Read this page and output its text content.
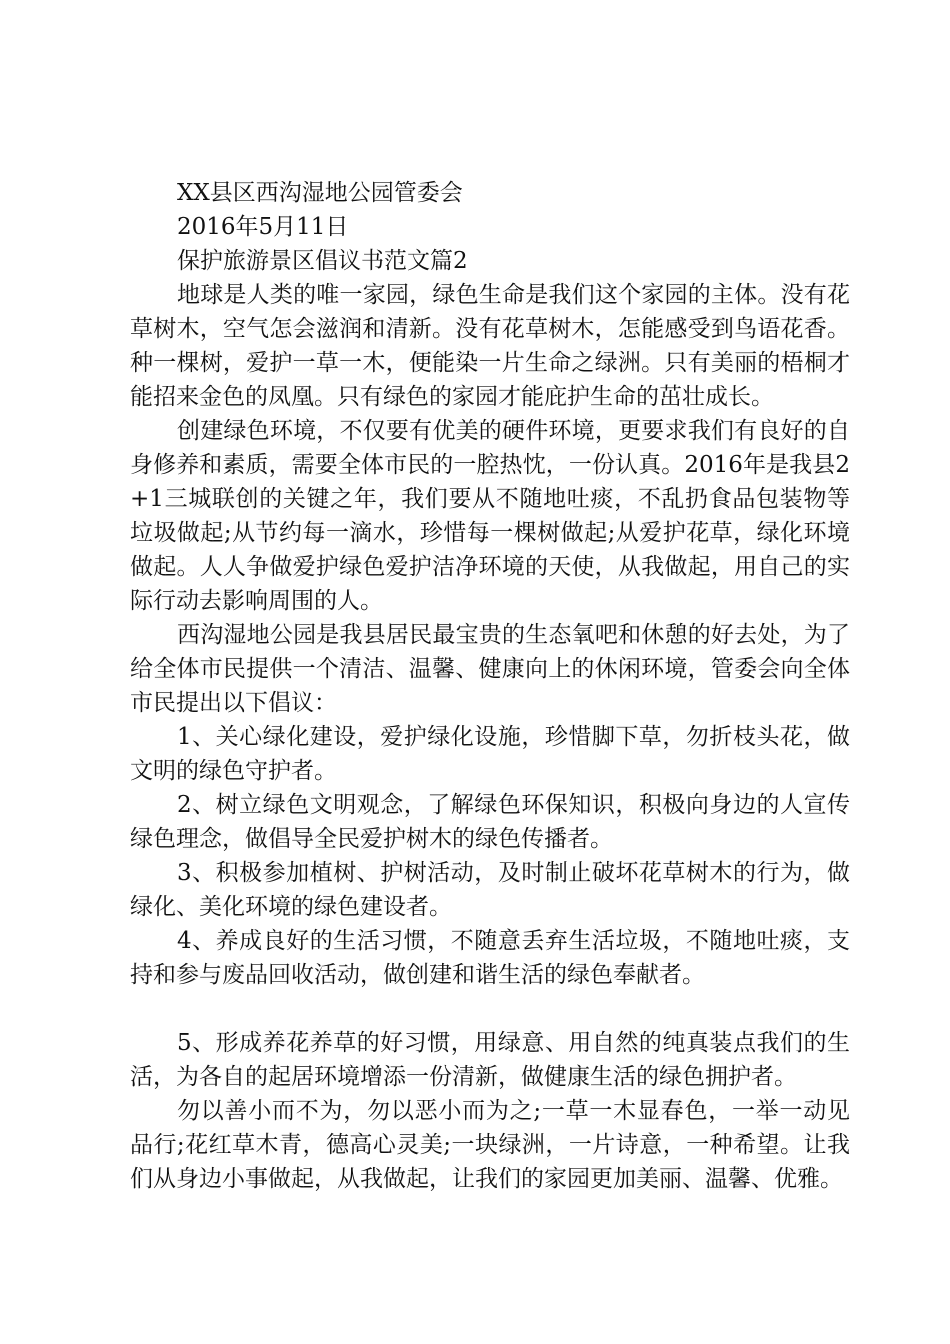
XX县区西沟湿地公园管委会

2016年5月11日

保护旅游景区倡议书范文篇2

地球是人类的唯一家园，绿色生命是我们这个家园的主体。没有花草树木，空气怎会滋润和清新。没有花草树木，怎能感受到鸟语花香。种一棵树，爱护一草一木，便能染一片生命之绿洲。只有美丽的梧桐才能招来金色的凤凰。只有绿色的家园才能庇护生命的茁壮成长。

创建绿色环境，不仅要有优美的硬件环境，更要求我们有良好的自身修养和素质，需要全体市民的一腔热忱，一份认真。2016年是我县2+1三城联创的关键之年，我们要从不随地吐痰，不乱扔食品包装物等垃圾做起;从节约每一滴水，珍惜每一棵树做起;从爱护花草，绿化环境做起。人人争做爱护绿色爱护洁净环境的天使，从我做起，用自己的实际行动去影响周围的人。

西沟湿地公园是我县居民最宝贵的生态氧吧和休憩的好去处，为了给全体市民提供一个清洁、温馨、健康向上的休闲环境，管委会向全体市民提出以下倡议：

1、关心绿化建设，爱护绿化设施，珍惜脚下草，勿折枝头花，做文明的绿色守护者。

2、树立绿色文明观念，了解绿色环保知识，积极向身边的人宣传绿色理念，做倡导全民爱护树木的绿色传播者。

3、积极参加植树、护树活动，及时制止破坏花草树木的行为，做绿化、美化环境的绿色建设者。

4、养成良好的生活习惯，不随意丢弃生活垃圾，不随地吐痰，支持和参与废品回收活动，做创建和谐生活的绿色奉献者。

5、形成养花养草的好习惯，用绿意、用自然的纯真装点我们的生活，为各自的起居环境增添一份清新，做健康生活的绿色拥护者。

勿以善小而不为，勿以恶小而为之;一草一木显春色，一举一动见品行;花红草木青，德高心灵美;一块绿洲，一片诗意，一种希望。让我们从身边小事做起，从我做起，让我们的家园更加美丽、温馨、优雅。
